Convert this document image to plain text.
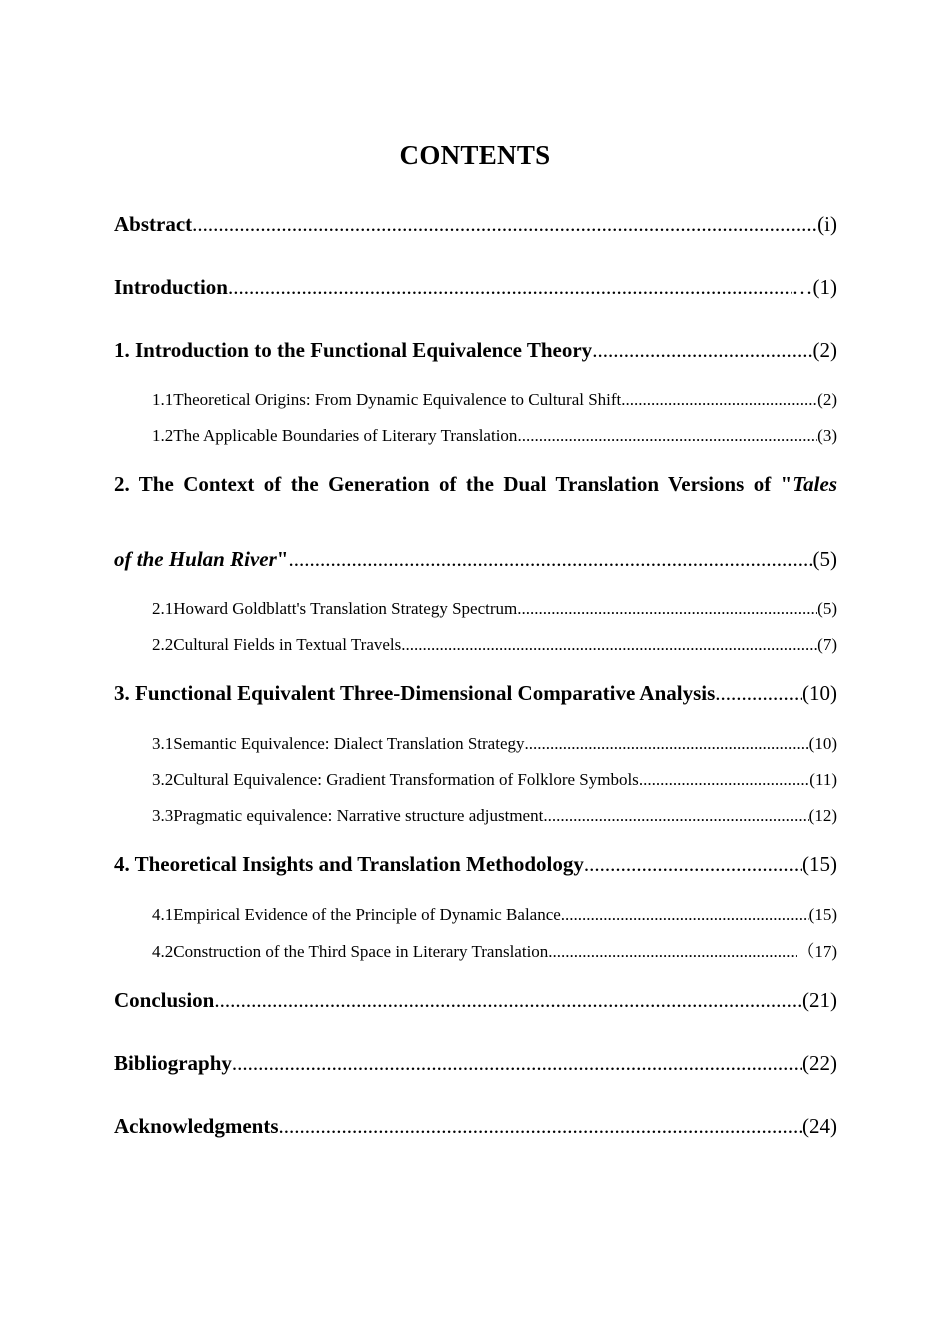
CONTENTS
Abstract .....	(i)
Introduction .....	…(1)
1. Introduction to the Functional Equivalence Theory .....	(2)
1.1Theoretical Origins: From Dynamic Equivalence to Cultural Shift .....	(2)
1.2The Applicable Boundaries of Literary Translation .....	(3)
2. The Context of the Generation of the Dual Translation Versions of "Tales
of the Hulan River" .....	(5)
2.1Howard Goldblatt's Translation Strategy Spectrum .....	(5)
2.2Cultural Fields in Textual Travels .....	(7)
3. Functional Equivalent Three-Dimensional Comparative Analysis .....	(10)
3.1Semantic Equivalence: Dialect Translation Strategy .....	(10)
3.2Cultural Equivalence: Gradient Transformation of Folklore Symbols .....	(11)
3.3Pragmatic equivalence: Narrative structure adjustment .....	(12)
4. Theoretical Insights and Translation Methodology .....	(15)
4.1Empirical Evidence of the Principle of Dynamic Balance .....	(15)
4.2Construction of the Third Space in Literary Translation .....	（17)
Conclusion .....	(21)
Bibliography .....	(22)
Acknowledgments .....	(24)
